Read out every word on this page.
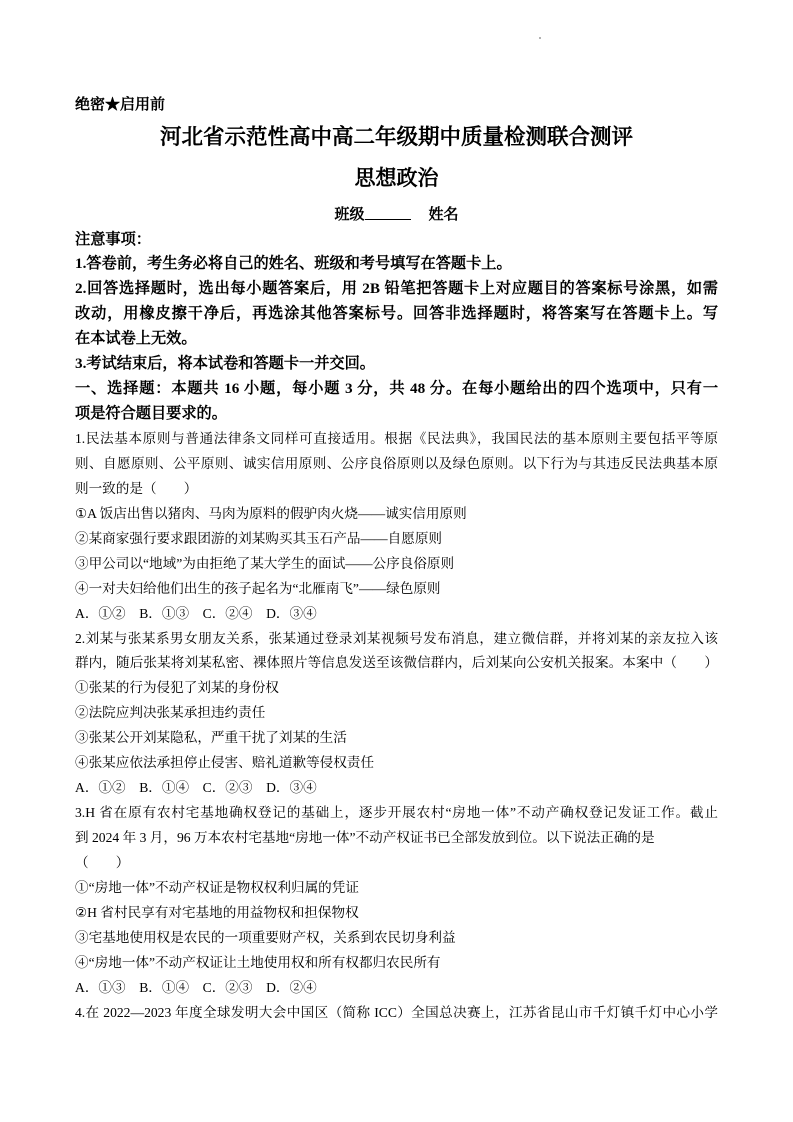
绝密★启用前
河北省示范性高中高二年级期中质量检测联合测评
思想政治
班级	姓名
注意事项：
1.答卷前，考生务必将自己的姓名、班级和考号填写在答题卡上。
2.回答选择题时，选出每小题答案后，用 2B 铅笔把答题卡上对应题目的答案标号涂黑，如需
改动，用橡皮擦干净后，再选涂其他答案标号。回答非选择题时，将答案写在答题卡上。写
在本试卷上无效。
3.考试结束后，将本试卷和答题卡一并交回。
一、选择题：本题共 16 小题，每小题 3 分，共 48 分。在每小题给出的四个选项中，只有一
项是符合题目要求的。
1.民法基本原则与普通法律条文同样可直接适用。根据《民法典》，我国民法的基本原则主要包括平等原
则、自愿原则、公平原则、诚实信用原则、公序良俗原则以及绿色原则。以下行为与其违反民法典基本原
则一致的是（　　）
①A 饭店出售以猪肉、马肉为原料的假驴肉火烧——诚实信用原则
②某商家强行要求跟团游的刘某购买其玉石产品——自愿原则
③甲公司以“地域”为由拒绝了某大学生的面试——公序良俗原则
④一对夫妇给他们出生的孩子起名为“北雁南飞”——绿色原则
A．①②　B．①③　C．②④　D．③④
2.刘某与张某系男女朋友关系，张某通过登录刘某视频号发布消息，建立微信群，并将刘某的亲友拉入该
群内，随后张某将刘某私密、裸体照片等信息发送至该微信群内，后刘某向公安机关报案。本案中（　　）
①张某的行为侵犯了刘某的身份权
②法院应判决张某承担违约责任
③张某公开刘某隐私，严重干扰了刘某的生活
④张某应依法承担停止侵害、赔礼道歉等侵权责任
A．①②　B．①④　C．②③　D．③④
3.H 省在原有农村宅基地确权登记的基础上，逐步开展农村“房地一体”不动产确权登记发证工作。截止
到 2024 年 3 月，96 万本农村宅基地“房地一体”不动产权证书已全部发放到位。以下说法正确的是
（　　）
①“房地一体”不动产权证是物权权利归属的凭证
②H 省村民享有对宅基地的用益物权和担保物权
③宅基地使用权是农民的一项重要财产权，关系到农民切身利益
④“房地一体”不动产权证让土地使用权和所有权都归农民所有
A．①③　B．①④　C．②③　D．②④
4.在 2022—2023 年度全球发明大会中国区（简称 ICC）全国总决赛上，江苏省昆山市千灯镇千灯中心小学
